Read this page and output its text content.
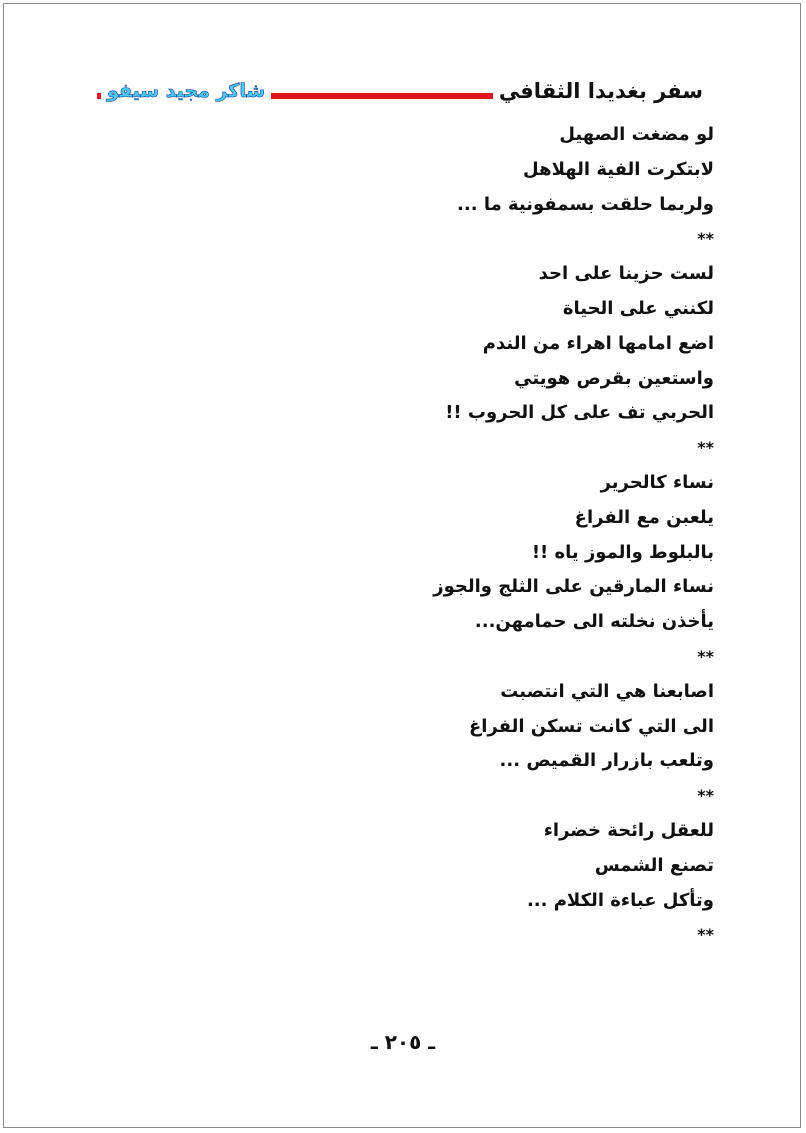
سفر بغديدا الثقافي
شاكر مجيد سيفو
لو مضغت الصهيل
لابتكرت الفية الهلاهل
ولربما حلقت بسمفونية ما ...
**
لست حزينا على احد
لكنني على الحياة
اضع امامها اهراء من الندم
واستعين بقرص هويتي
الحربي تف على كل الحروب !!
**
نساء كالحرير
يلعبن مع الفراغ
بالبلوط والموز ياه !!
نساء المارقين على الثلج والجوز
يأخذن نخلته الى حمامهن...
**
اصابعنا هي التي انتصبت
الى التي كانت تسكن الفراغ
وتلعب بازرار القميص ...
**
للعقل رائحة خضراء
تصنع الشمس
وتأكل عباءة الكلام ...
**
ـ ٢٠٥ ـ
